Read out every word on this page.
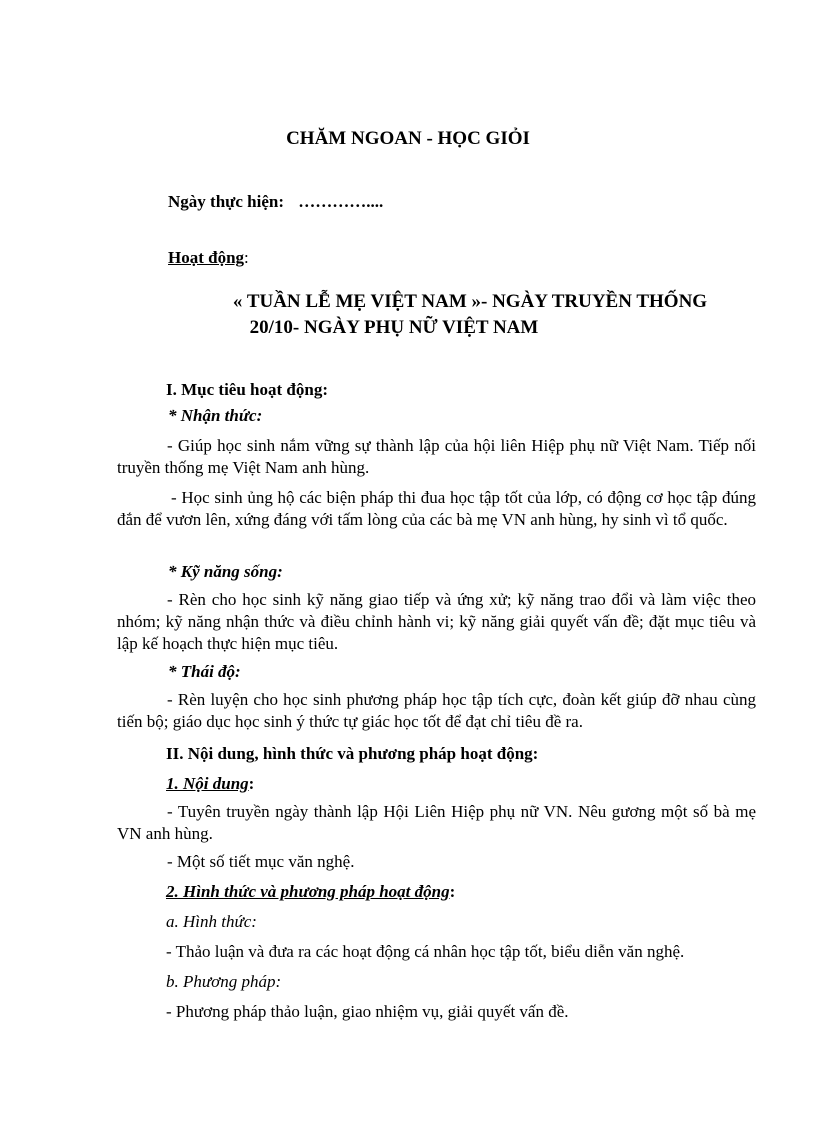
CHĂM NGOAN - HỌC GIỎI
Ngày thực hiện: …………....
Hoạt động:
« TUẦN LỄ MẸ VIỆT NAM »- NGÀY TRUYỀN THỐNG
20/10- NGÀY PHỤ NỮ VIỆT NAM
I. Mục tiêu hoạt động:
* Nhận thức:
- Giúp học sinh nắm vững sự thành lập của hội liên Hiệp phụ nữ Việt Nam. Tiếp nối truyền thống mẹ Việt Nam anh hùng.
- Học sinh ủng hộ các biện pháp thi đua học tập tốt của lớp, có động cơ học tập đúng đắn để vươn lên, xứng đáng với tấm lòng của các bà mẹ VN anh hùng, hy sinh vì tổ quốc.
* Kỹ năng sống:
- Rèn cho học sinh kỹ năng giao tiếp và ứng xử; kỹ năng trao đổi và làm việc theo nhóm; kỹ năng nhận thức và điều chỉnh hành vi; kỹ năng giải quyết vấn đề; đặt mục tiêu và lập kế hoạch thực hiện mục tiêu.
* Thái độ:
- Rèn luyện cho học sinh phương pháp học tập tích cực, đoàn kết giúp đỡ nhau cùng tiến bộ; giáo dục học sinh ý thức tự giác học tốt để đạt chỉ tiêu đề ra.
II. Nội dung, hình thức và phương pháp hoạt động:
1. Nội dung:
- Tuyên truyền ngày thành lập Hội Liên Hiệp phụ nữ VN. Nêu gương một số bà mẹ VN anh hùng.
- Một số tiết mục văn nghệ.
2. Hình thức và phương pháp hoạt động:
a. Hình thức:
- Thảo luận và đưa ra các hoạt động cá nhân học tập tốt, biểu diễn văn nghệ.
b. Phương pháp:
- Phương pháp thảo luận, giao nhiệm vụ, giải quyết vấn đề.
